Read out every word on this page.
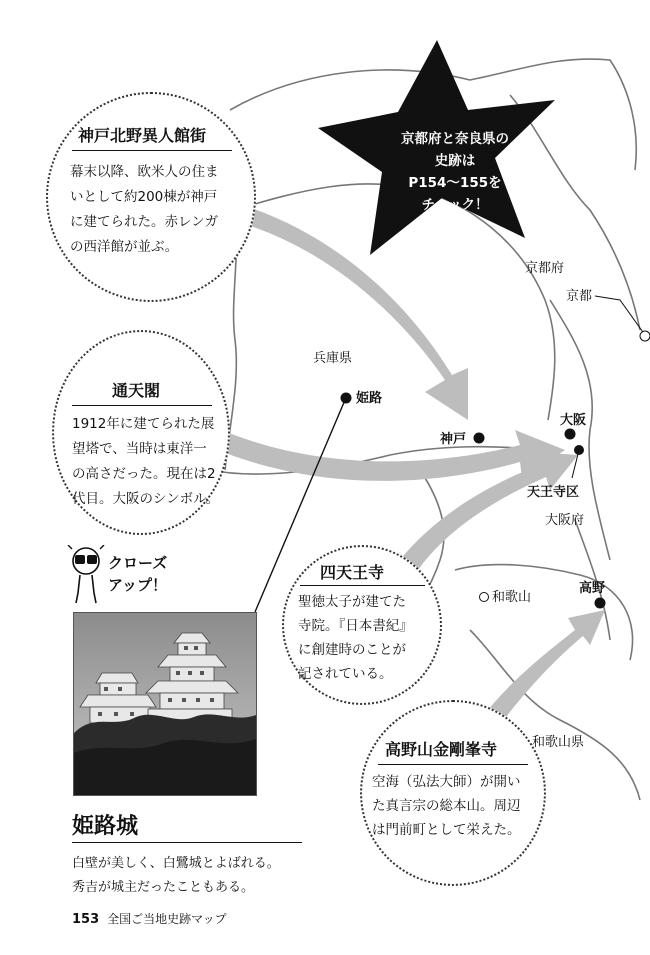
京都府と奈良県の
史跡は
P154〜155を
チェック！
京都府
京都
兵庫県
姫路
神戸
大阪
天王寺区
大阪府
和歌山
高野
和歌山県
神戸北野異人館街
幕末以降、欧米人の住ま
いとして約200棟が神戸
に建てられた。赤レンガ
の西洋館が並ぶ。
通天閣
1912年に建てられた展
望塔で、当時は東洋一
の高さだった。現在は2
代目。大阪のシンボル。
四天王寺
聖徳太子が建てた
寺院。『日本書紀』
に創建時のことが
記されている。
高野山金剛峯寺
空海（弘法大師）が開い
た真言宗の総本山。周辺
は門前町として栄えた。
クローズ
アップ！
姫路城
白壁が美しく、白鷺城とよばれる。
秀吉が城主だったこともある。
153 全国ご当地史跡マップ
